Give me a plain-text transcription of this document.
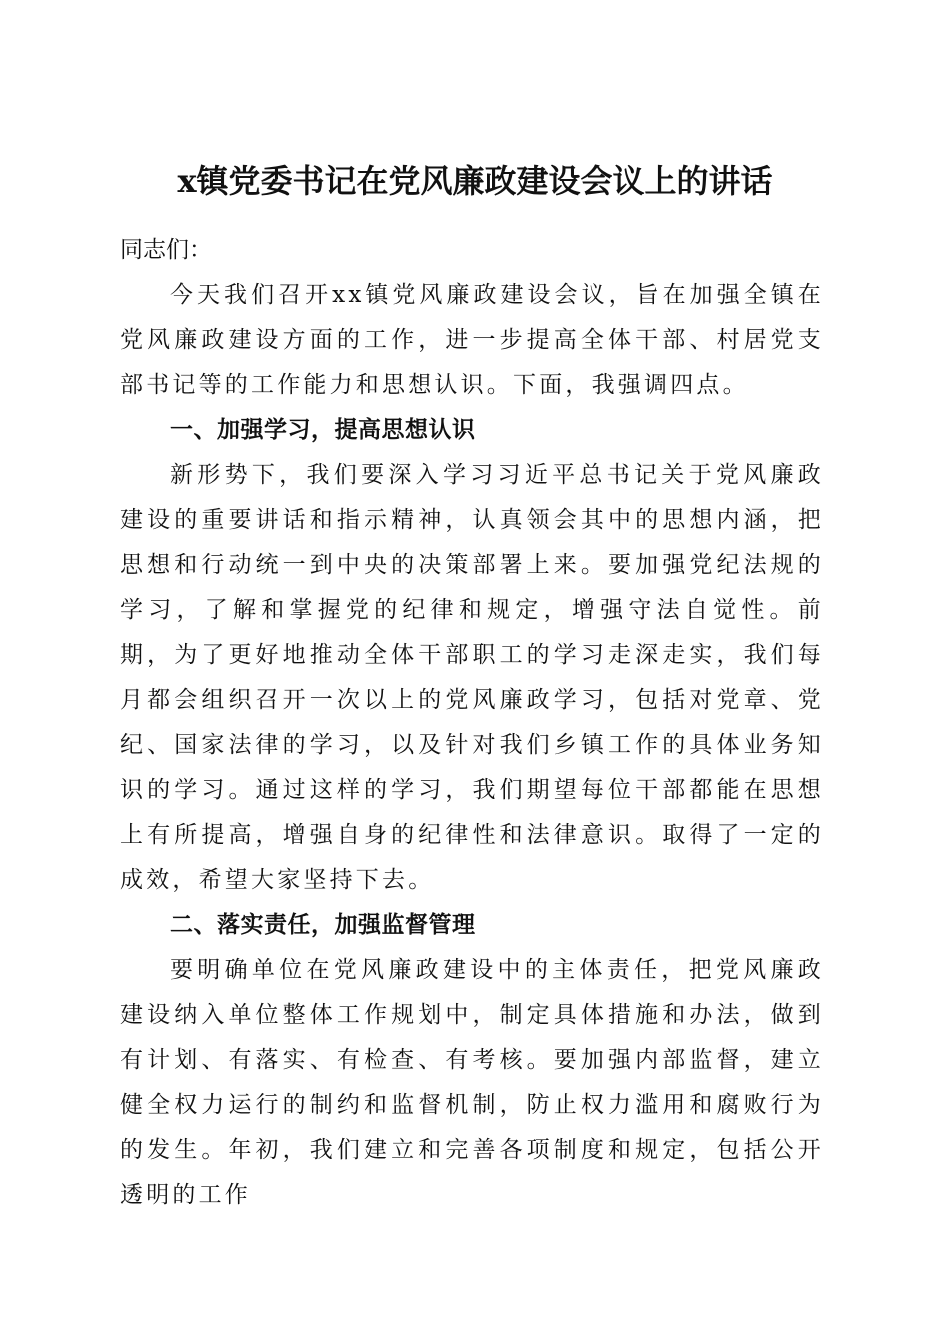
x镇党委书记在党风廉政建设会议上的讲话

同志们：

今天我们召开xx镇党风廉政建设会议，旨在加强全镇在党风廉政建设方面的工作，进一步提高全体干部、村居党支部书记等的工作能力和思想认识。下面，我强调四点。

一、加强学习，提高思想认识

新形势下，我们要深入学习习近平总书记关于党风廉政建设的重要讲话和指示精神，认真领会其中的思想内涵，把思想和行动统一到中央的决策部署上来。要加强党纪法规的学习，了解和掌握党的纪律和规定，增强守法自觉性。前期，为了更好地推动全体干部职工的学习走深走实，我们每月都会组织召开一次以上的党风廉政学习，包括对党章、党纪、国家法律的学习，以及针对我们乡镇工作的具体业务知识的学习。通过这样的学习，我们期望每位干部都能在思想上有所提高，增强自身的纪律性和法律意识。取得了一定的成效，希望大家坚持下去。

二、落实责任，加强监督管理

要明确单位在党风廉政建设中的主体责任，把党风廉政建设纳入单位整体工作规划中，制定具体措施和办法，做到有计划、有落实、有检查、有考核。要加强内部监督，建立健全权力运行的制约和监督机制，防止权力滥用和腐败行为的发生。年初，我们建立和完善各项制度和规定，包括公开透明的工作
